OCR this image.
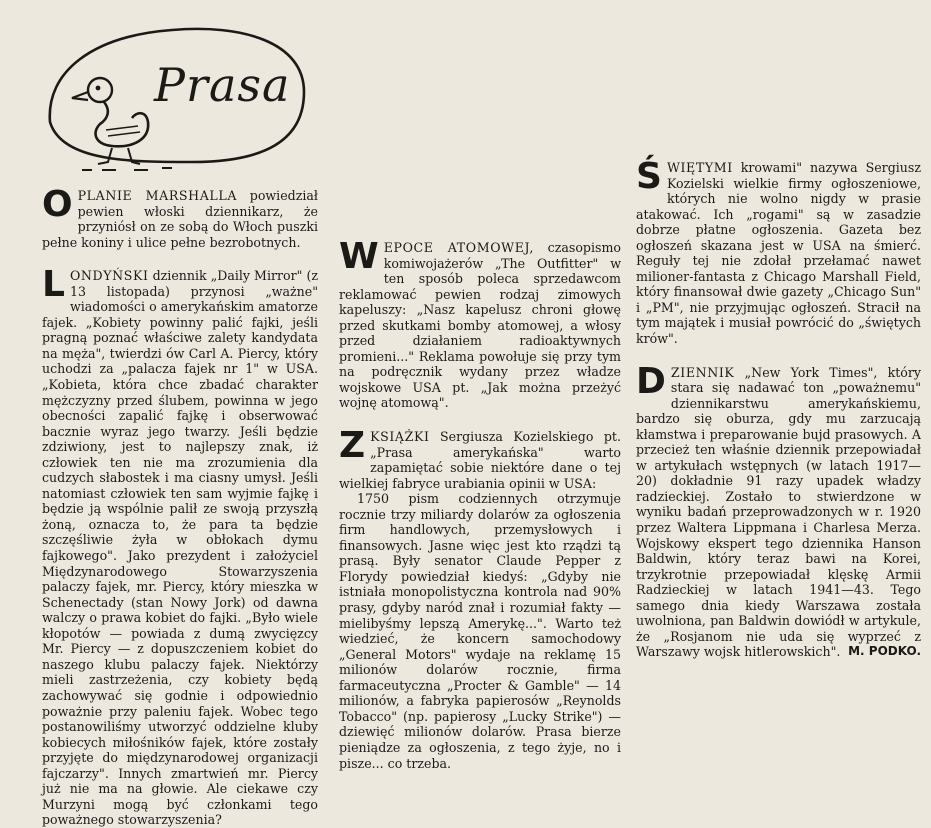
Prasa

OPLANIE MARSHALLA powiedział pewien włoski dziennikarz, że przyniósł on ze sobą do Włoch puszki pełne koniny i ulice pełne bezrobotnych.

LONDYŃSKI dziennik „Daily Mirror" (z 13 listopada) przynosi „ważne" wiadomości o amerykańskim amatorze fajek. „Kobiety powinny palić fajki, jeśli pragną poznać właściwe zalety kandydata na męża", twierdzi ów Carl A. Piercy, który uchodzi za „palacza fajek nr 1" w USA. „Kobieta, która chce zbadać charakter mężczyzny przed ślubem, powinna w jego obecności zapalić fajkę i obserwować bacznie wyraz jego twarzy. Jeśli będzie zdziwiony, jest to najlepszy znak, iż człowiek ten nie ma zrozumienia dla cudzych słabostek i ma ciasny umysł. Jeśli natomiast człowiek ten sam wyjmie fajkę i będzie ją wspólnie palił ze swoją przyszłą żoną, oznacza to, że para ta będzie szczęśliwie żyła w obłokach dymu fajkowego". Jako prezydent i założyciel Międzynarodowego Stowarzyszenia palaczy fajek, mr. Piercy, który mieszka w Schenectady (stan Nowy Jork) od dawna walczy o prawa kobiet do fajki. „Było wiele kłopotów — powiada z dumą zwycięzcy Mr. Piercy — z dopuszczeniem kobiet do naszego klubu palaczy fajek. Niektórzy mieli zastrzeżenia, czy kobiety będą zachowywać się godnie i odpowiednio poważnie przy paleniu fajek. Wobec tego postanowiliśmy utworzyć oddzielne kluby kobiecych miłośników fajek, które zostały przyjęte do międzynarodowej organizacji fajczarzy". Innych zmartwień mr. Piercy już nie ma na głowie. Ale ciekawe czy Murzyni mogą być członkami tego poważnego stowarzyszenia?

WEPOCE ATOMOWEJ, czasopismo komiwojażerów „The Outfitter" w ten sposób poleca sprzedawcom reklamować pewien rodzaj zimowych kapeluszy: „Nasz kapelusz chroni głowę przed skutkami bomby atomowej, a włosy przed działaniem radioaktywnych promieni..." Reklama powołuje się przy tym na podręcznik wydany przez władze wojskowe USA pt. „Jak można przeżyć wojnę atomową".

ZKSIĄŻKI Sergiusza Kozielskiego pt. „Prasa amerykańska" warto zapamiętać sobie niektóre dane o tej wielkiej fabryce urabiania opinii w USA:

1750 pism codziennych otrzymuje rocznie trzy miliardy dolarów za ogłoszenia firm handlowych, przemysłowych i finansowych. Jasne więc jest kto rządzi tą prasą. Były senator Claude Pepper z Florydy powiedział kiedyś: „Gdyby nie istniała monopolistyczna kontrola nad 90% prasy, gdyby naród znał i rozumiał fakty — mielibyśmy lepszą Amerykę...". Warto też wiedzieć, że koncern samochodowy „General Motors" wydaje na reklamę 15 milionów dolarów rocznie, firma farmaceutyczna „Procter & Gamble" — 14 milionów, a fabryka papierosów „Reynolds Tobacco" (np. papierosy „Lucky Strike") — dziewięć milionów dolarów. Prasa bierze pieniądze za ogłoszenia, z tego żyje, no i pisze... co trzeba.

ŚWIĘTYMI krowami" nazywa Sergiusz Kozielski wielkie firmy ogłoszeniowe, których nie wolno nigdy w prasie atakować. Ich „rogami" są w zasadzie dobrze płatne ogłoszenia. Gazeta bez ogłoszeń skazana jest w USA na śmierć. Reguły tej nie zdołał przełamać nawet milioner-fantasta z Chicago Marshall Field, który finansował dwie gazety „Chicago Sun" i „PM", nie przyjmując ogłoszeń. Stracił na tym majątek i musiał powrócić do „świętych krów".

DZIENNIK „New York Times", który stara się nadawać ton „poważnemu" dziennikarstwu amerykańskiemu, bardzo się oburza, gdy mu zarzucają kłamstwa i preparowanie bujd prasowych. A przecież ten właśnie dziennik przepowiadał w artykułach wstępnych (w latach 1917—20) dokładnie 91 razy upadek władzy radzieckiej. Zostało to stwierdzone w wyniku badań przeprowadzonych w r. 1920 przez Waltera Lippmana i Charlesa Merza. Wojskowy ekspert tego dziennika Hanson Baldwin, który teraz bawi na Korei, trzykrotnie przepowiadał klęskę Armii Radzieckiej w latach 1941—43. Tego samego dnia kiedy Warszawa została uwolniona, pan Baldwin dowiódł w artykule, że „Rosjanom nie uda się wyprzeć z Warszawy wojsk hitlerowskich". M. PODKO.
